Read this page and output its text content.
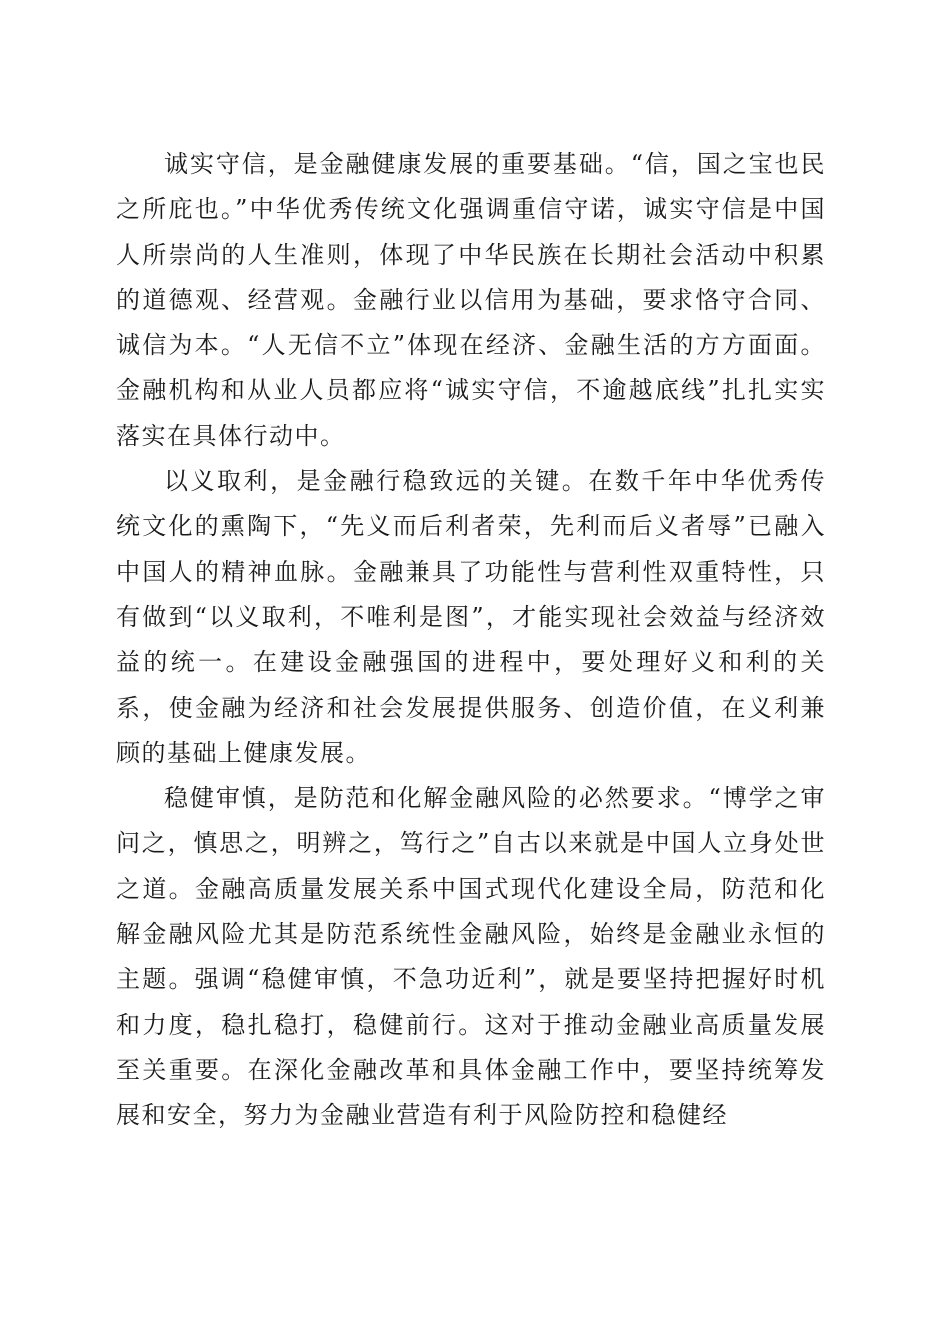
诚实守信，是金融健康发展的重要基础。“信，国之宝也民之所庇也。”中华优秀传统文化强调重信守诺，诚实守信是中国人所崇尚的人生准则，体现了中华民族在长期社会活动中积累的道德观、经营观。金融行业以信用为基础，要求恪守合同、诚信为本。“人无信不立”体现在经济、金融生活的方方面面。金融机构和从业人员都应将“诚实守信，不逾越底线”扎扎实实落实在具体行动中。

以义取利，是金融行稳致远的关键。在数千年中华优秀传统文化的熏陶下，“先义而后利者荣，先利而后义者辱”已融入中国人的精神血脉。金融兼具了功能性与营利性双重特性，只有做到“以义取利，不唯利是图”，才能实现社会效益与经济效益的统一。在建设金融强国的进程中，要处理好义和利的关系，使金融为经济和社会发展提供服务、创造价值，在义利兼顾的基础上健康发展。

稳健审慎，是防范和化解金融风险的必然要求。“博学之审问之，慎思之，明辨之，笃行之”自古以来就是中国人立身处世之道。金融高质量发展关系中国式现代化建设全局，防范和化解金融风险尤其是防范系统性金融风险，始终是金融业永恒的主题。强调“稳健审慎，不急功近利”，就是要坚持把握好时机和力度，稳扎稳打，稳健前行。这对于推动金融业高质量发展至关重要。在深化金融改革和具体金融工作中，要坚持统筹发展和安全，努力为金融业营造有利于风险防控和稳健经
